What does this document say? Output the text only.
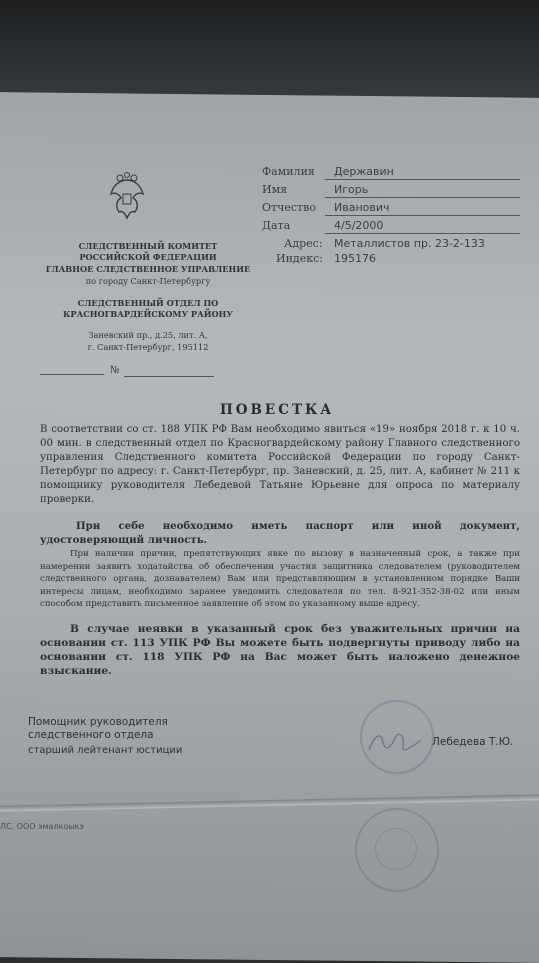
СЛЕДСТВЕННЫЙ КОМИТЕТ
РОССИЙСКОЙ ФЕДЕРАЦИИ
ГЛАВНОЕ СЛЕДСТВЕННОЕ УПРАВЛЕНИЕ
по городу Санкт-Петербургу
СЛЕДСТВЕННЫЙ ОТДЕЛ ПО
КРАСНОГВАРДЕЙСКОМУ РАЙОНУ
Заневский пр., д.25, лит. А,
г. Санкт-Петербург, 195112
№
Фамилия Державин
Имя	Игорь
Отчество Иванович
Дата	4/5/2000
Адрес: Металлистов пр. 23-2-133
Индекс: 195176
ПОВЕСТКА
В соответствии со ст. 188 УПК РФ Вам необходимо явиться «19» ноября 2018 г. к 10 ч. 00 мин. в следственный отдел по Красногвардейскому району Главного следственного управления Следственного комитета Российской Федерации по городу Санкт-Петербург по адресу: г. Санкт-Петербург, пр. Заневский, д. 25, лит. А, кабинет № 211 к помощнику руководителя Лебедевой Татьяне Юрьевне для опроса по материалу проверки.
При себе необходимо иметь паспорт или иной документ, удостоверяющий личность.
При наличии причин, препятствующих явке по вызову в назначенный срок, а также при намерении заявить ходатайства об обеспечении участия защитника следователем (руководителем следственного органа, дознавателем) Вам или представляющим в установленном порядке Ваши интересы лицам, необходимо заранее уведомить следователя по тел. 8-921-352-38-02 или иным способом представить письменное заявление об этом по указанному выше адресу.
В случае неявки в указанный срок без уважительных причин на основании ст. 113 УПК РФ Вы можете быть подвергнуты приводу либо на основании ст. 118 УПК РФ на Вас может быть наложено денежное взыскание.
Помощник руководителя
следственного отдела
старший лейтенант юстиции
Лебедева Т.Ю.
ЛС, ООО эмалкоыкэ
